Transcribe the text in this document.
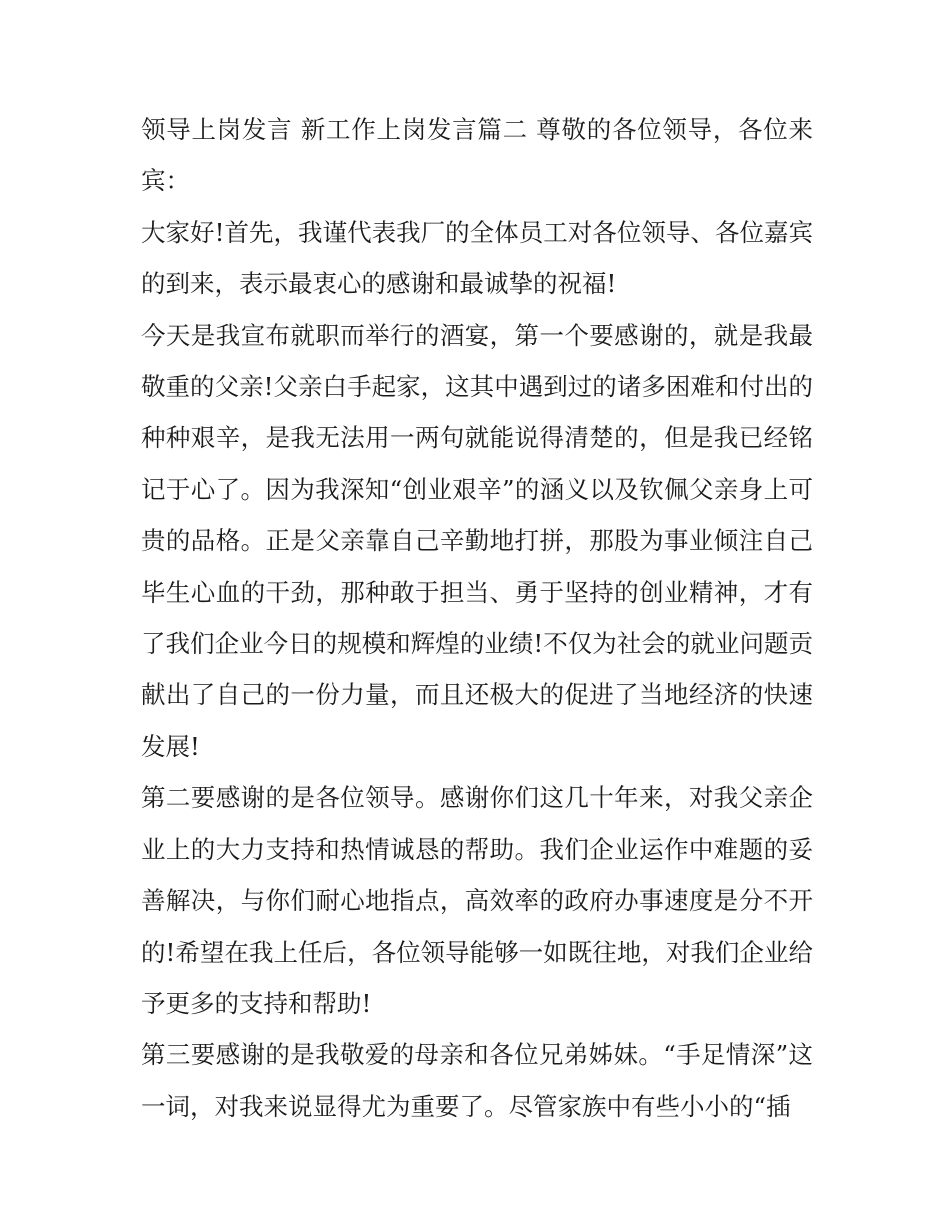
领导上岗发言 新工作上岗发言篇二 尊敬的各位领导，各位来宾：

大家好!首先，我谨代表我厂的全体员工对各位领导、各位嘉宾的到来，表示最衷心的感谢和最诚挚的祝福!

今天是我宣布就职而举行的酒宴，第一个要感谢的，就是我最敬重的父亲!父亲白手起家，这其中遇到过的诸多困难和付出的种种艰辛，是我无法用一两句就能说得清楚的，但是我已经铭记于心了。因为我深知“创业艰辛”的涵义以及钦佩父亲身上可贵的品格。正是父亲靠自己辛勤地打拼，那股为事业倾注自己毕生心血的干劲，那种敢于担当、勇于坚持的创业精神，才有了我们企业今日的规模和辉煌的业绩!不仅为社会的就业问题贡献出了自己的一份力量，而且还极大的促进了当地经济的快速发展!

第二要感谢的是各位领导。感谢你们这几十年来，对我父亲企业上的大力支持和热情诚恳的帮助。我们企业运作中难题的妥善解决，与你们耐心地指点，高效率的政府办事速度是分不开的!希望在我上任后，各位领导能够一如既往地，对我们企业给予更多的支持和帮助!

第三要感谢的是我敬爱的母亲和各位兄弟姊妹。“手足情深”这一词，对我来说显得尤为重要了。尽管家族中有些小小的“插
